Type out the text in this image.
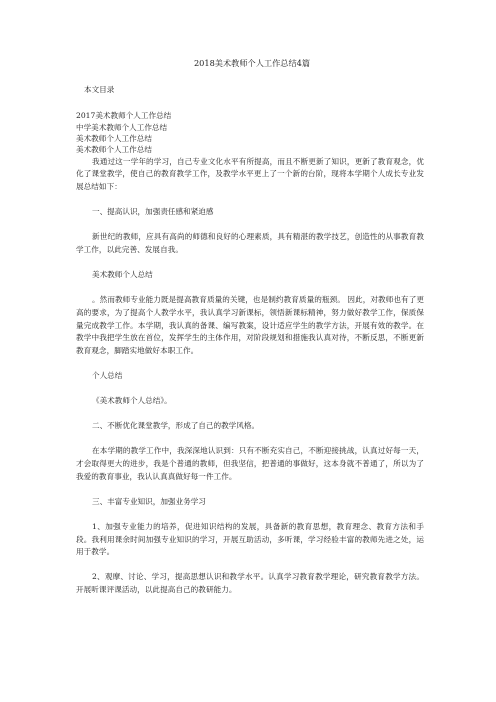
2018美术教师个人工作总结4篇
本文目录
2017美术教师个人工作总结
中学美术教师个人工作总结
美术教师个人工作总结
美术教师个人工作总结

我通过这一学年的学习，自己专业文化水平有所提高，而且不断更新了知识，更新了教育观念，优化了课堂教学，使自己的教育教学工作，及教学水平更上了一个新的台阶，现将本学期个人成长专业发展总结如下：

一、提高认识，加强责任感和紧迫感

新世纪的教师，应具有高尚的师德和良好的心理素质，具有精湛的教学技艺，创造性的从事教育教学工作，以此完善、发展自我。

美术教师个人总结

。然而教师专业能力既是提高教育质量的关键，也是制约教育质量的瓶颈。 因此，对教师也有了更高的要求，为了提高个人教学水平，我认真学习新课标，领悟新课标精神，努力做好教学工作，保质保量完成教学工作。本学期，我认真的备课、编写教案，设计适应学生的教学方法，开展有效的教学。在教学中我把学生放在首位，发挥学生的主体作用，对阶段规划和措施我认真对待，不断反思，不断更新教育观念，脚踏实地做好本职工作。

个人总结

《美术教师个人总结》。

二、不断优化课堂教学，形成了自己的教学风格。

在本学期的教学工作中，我深深地认识到：只有不断充实自己，不断迎接挑战，认真过好每一天，才会取得更大的进步，我是个普通的教师，但我坚信，把普通的事做好，这本身就不普通了，所以为了我爱的教育事业，我认认真真做好每一件工作。

三、丰富专业知识，加强业务学习

1、加强专业能力的培养，促进知识结构的发展，具备新的教育思想，教育理念、教育方法和手段。我利用课余时间加强专业知识的学习，开展互助活动，多听课，学习经验丰富的教师先进之处，运用于教学。

2、观摩、讨论、学习，提高思想认识和教学水平。认真学习教育教学理论，研究教育教学方法。开展听课评课活动，以此提高自己的教研能力。
